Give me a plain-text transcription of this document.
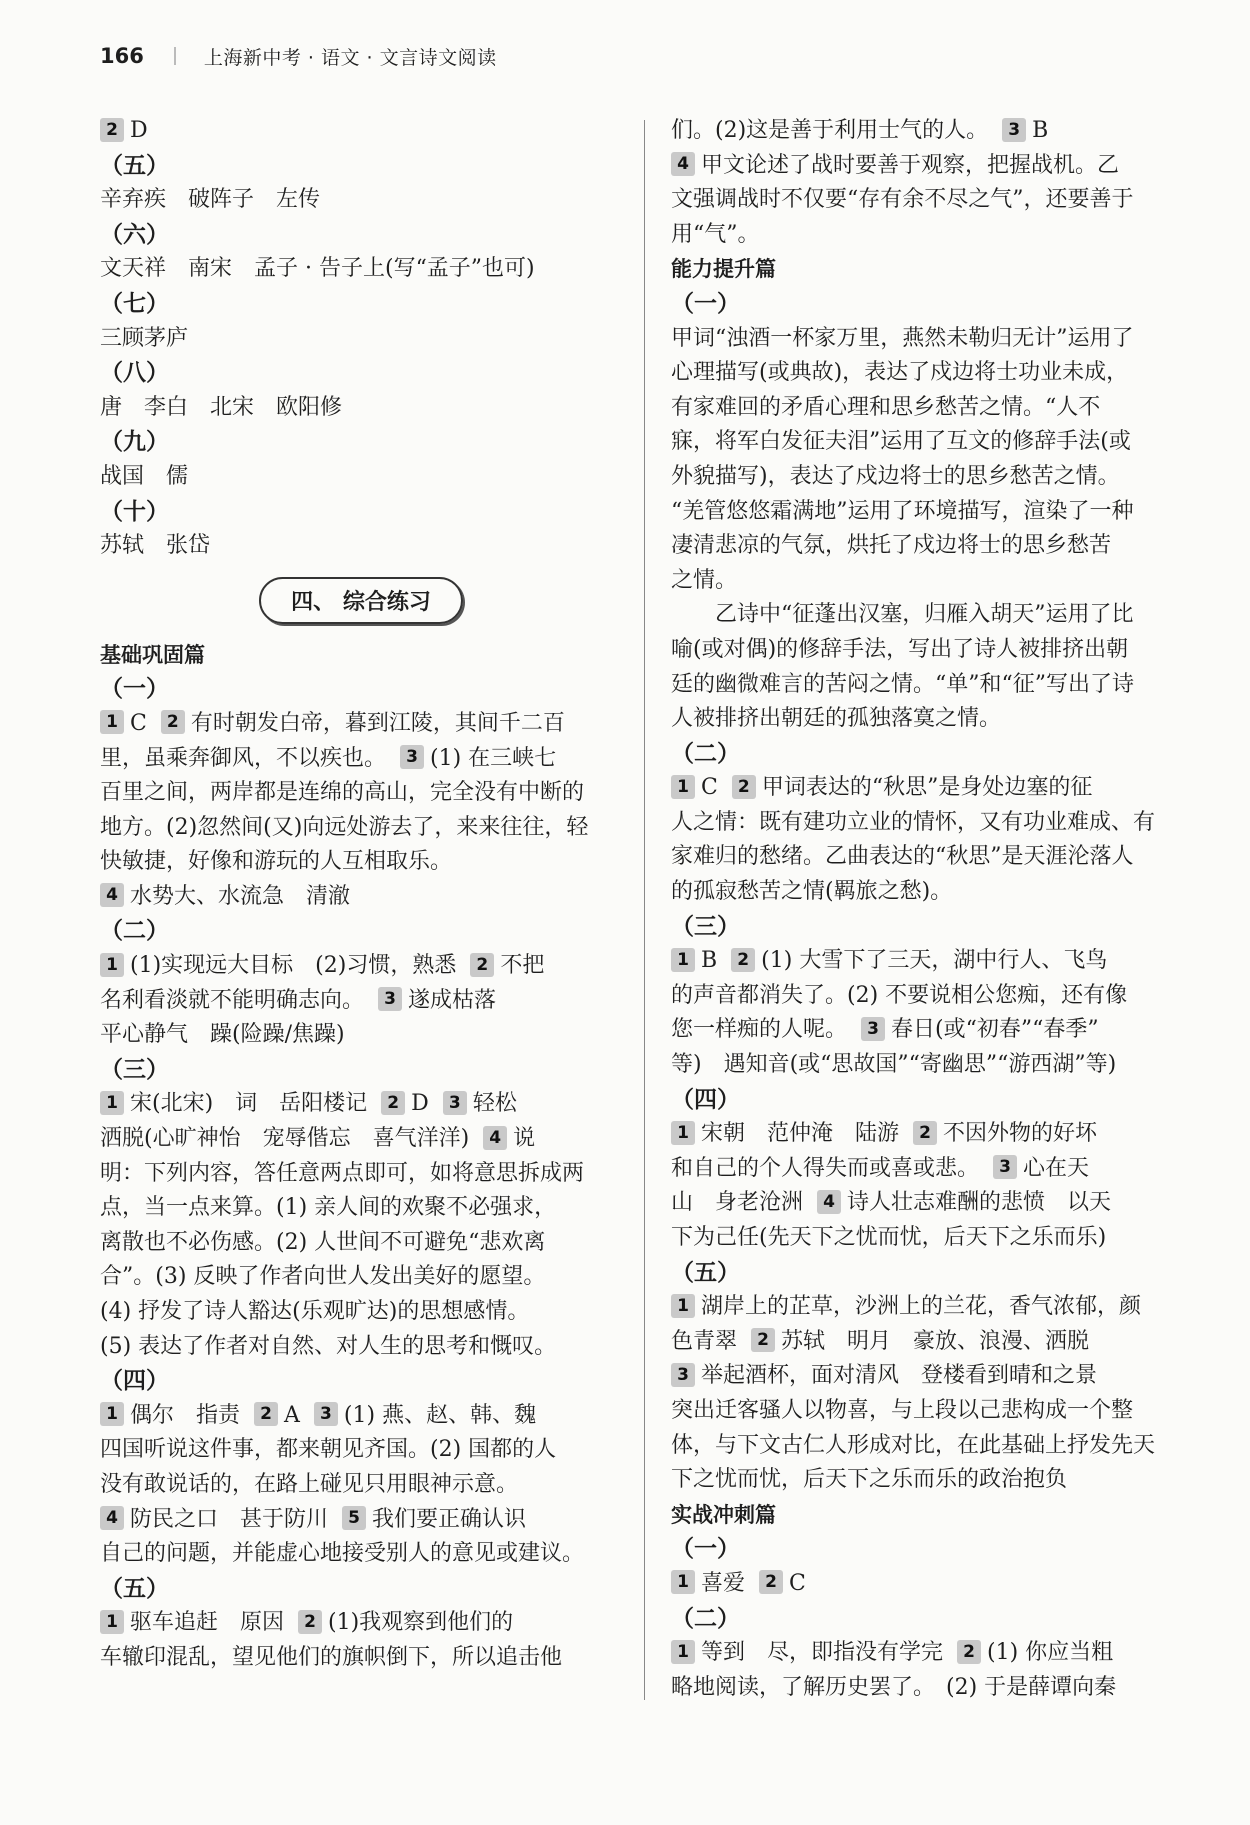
166	上海新中考 · 语文 · 文言诗文阅读
2 D
（五）
辛弃疾　破阵子　左传
（六）
文天祥　南宋　孟子 · 告子上(写“孟子”也可)
（七）
三顾茅庐
（八）
唐　李白　北宋　欧阳修
（九）
战国　儒
（十）
苏轼　张岱
四、 综合练习
基础巩固篇
（一）
1 C 2 有时朝发白帝，暮到江陵，其间千二百
里，虽乘奔御风，不以疾也。 3 (1) 在三峡七
百里之间，两岸都是连绵的高山，完全没有中断的
地方。(2)忽然间(又)向远处游去了，来来往往，轻
快敏捷，好像和游玩的人互相取乐。
4 水势大、水流急　清澈
（二）
1 (1)实现远大目标　(2)习惯，熟悉 2 不把
名利看淡就不能明确志向。 3 遂成枯落
平心静气　躁(险躁/焦躁)
（三）
1 宋(北宋)　词　岳阳楼记 2 D 3 轻松
洒脱(心旷神怡　宠辱偕忘　喜气洋洋) 4 说
明：下列内容，答任意两点即可，如将意思拆成两
点，当一点来算。(1) 亲人间的欢聚不必强求，
离散也不必伤感。(2) 人世间不可避免“悲欢离
合”。(3) 反映了作者向世人发出美好的愿望。
(4) 抒发了诗人豁达(乐观旷达)的思想感情。
(5) 表达了作者对自然、对人生的思考和慨叹。
（四）
1 偶尔　指责 2 A 3 (1) 燕、赵、韩、魏
四国听说这件事，都来朝见齐国。(2) 国都的人
没有敢说话的，在路上碰见只用眼神示意。
4 防民之口　甚于防川 5 我们要正确认识
自己的问题，并能虚心地接受别人的意见或建议。
（五）
1 驱车追赶　原因 2 (1)我观察到他们的
车辙印混乱，望见他们的旗帜倒下，所以追击他
们。(2)这是善于利用士气的人。 3 B
4 甲文论述了战时要善于观察，把握战机。乙
文强调战时不仅要“存有余不尽之气”，还要善于
用“气”。
能力提升篇
（一）
甲词“浊酒一杯家万里，燕然未勒归无计”运用了
心理描写(或典故)，表达了戍边将士功业未成，
有家难回的矛盾心理和思乡愁苦之情。“人不
寐，将军白发征夫泪”运用了互文的修辞手法(或
外貌描写)，表达了戍边将士的思乡愁苦之情。
“羌管悠悠霜满地”运用了环境描写，渲染了一种
凄清悲凉的气氛，烘托了戍边将士的思乡愁苦
之情。
乙诗中“征蓬出汉塞，归雁入胡天”运用了比
喻(或对偶)的修辞手法，写出了诗人被排挤出朝
廷的幽微难言的苦闷之情。“单”和“征”写出了诗
人被排挤出朝廷的孤独落寞之情。
（二）
1 C 2 甲词表达的“秋思”是身处边塞的征
人之情：既有建功立业的情怀，又有功业难成、有
家难归的愁绪。乙曲表达的“秋思”是天涯沦落人
的孤寂愁苦之情(羁旅之愁)。
（三）
1 B 2 (1) 大雪下了三天，湖中行人、飞鸟
的声音都消失了。(2) 不要说相公您痴，还有像
您一样痴的人呢。 3 春日(或“初春”“春季”
等)　遇知音(或“思故国”“寄幽思”“游西湖”等)
（四）
1 宋朝　范仲淹　陆游 2 不因外物的好坏
和自己的个人得失而或喜或悲。 3 心在天
山　身老沧洲 4 诗人壮志难酬的悲愤　以天
下为己任(先天下之忧而忧，后天下之乐而乐)
（五）
1 湖岸上的芷草，沙洲上的兰花，香气浓郁，颜
色青翠 2 苏轼　明月　豪放、浪漫、洒脱
3 举起酒杯，面对清风　登楼看到晴和之景
突出迁客骚人以物喜，与上段以己悲构成一个整
体，与下文古仁人形成对比，在此基础上抒发先天
下之忧而忧，后天下之乐而乐的政治抱负
实战冲刺篇
（一）
1 喜爱 2 C
（二）
1 等到　尽，即指没有学完 2 (1) 你应当粗
略地阅读，了解历史罢了。　(2) 于是薛谭向秦
